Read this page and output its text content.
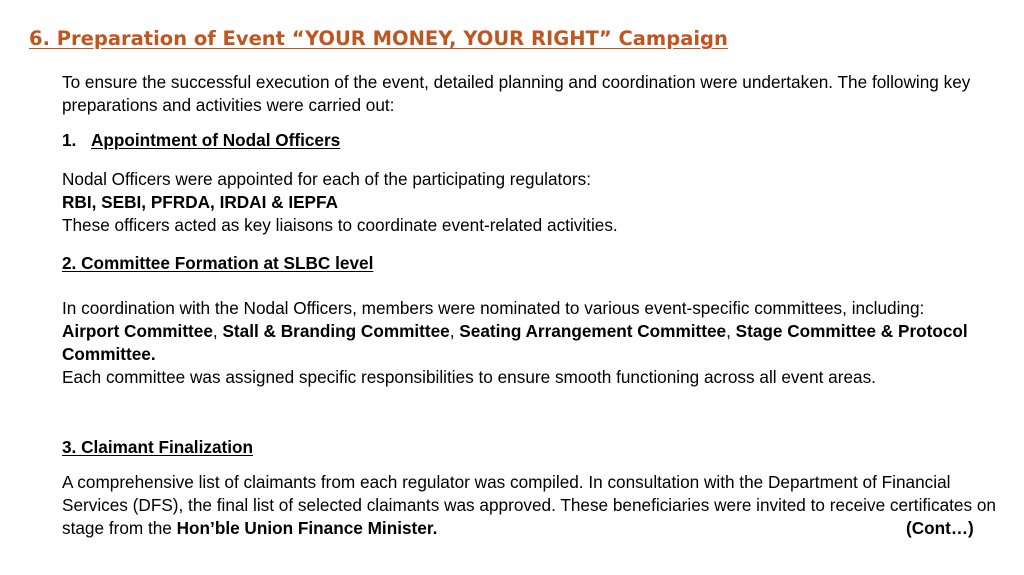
6. Preparation of Event “YOUR MONEY, YOUR RIGHT” Campaign

To ensure the successful execution of the event, detailed planning and coordination were undertaken. The following key preparations and activities were carried out:

1. Appointment of Nodal Officers
Nodal Officers were appointed for each of the participating regulators:
RBI, SEBI, PFRDA, IRDAI & IEPFA
These officers acted as key liaisons to coordinate event-related activities.
2. Committee Formation at SLBC level
In coordination with the Nodal Officers, members were nominated to various event-specific committees, including:
Airport Committee, Stall & Branding Committee, Seating Arrangement Committee, Stage Committee & Protocol Committee.
Each committee was assigned specific responsibilities to ensure smooth functioning across all event areas.
3. Claimant Finalization
A comprehensive list of claimants from each regulator was compiled. In consultation with the Department of Financial Services (DFS), the final list of selected claimants was approved. These beneficiaries were invited to receive certificates on stage from the Hon’ble Union Finance Minister.	(Cont…)
